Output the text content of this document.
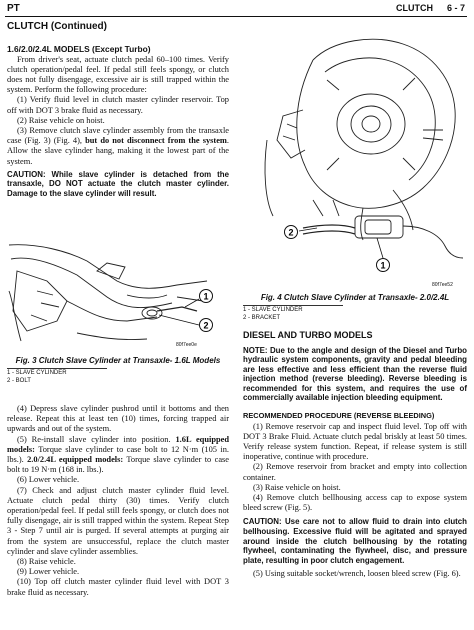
PT	CLUTCH 6 - 7
CLUTCH (Continued)

1.6/2.0/2.4L MODELS (Except Turbo)

From driver's seat, actuate clutch pedal 60–100 times. Verify clutch operation/pedal feel. If pedal still feels spongy, or clutch does not fully disengage, excessive air is still trapped within the system. Perform the following procedure:

(1) Verify fluid level in clutch master cylinder reservoir. Top off with DOT 3 brake fluid as necessary.

(2) Raise vehicle on hoist.

(3) Remove clutch slave cylinder assembly from the transaxle case (Fig. 3) (Fig. 4), but do not disconnect from the system. Allow the slave cylinder hang, making it the lowest part of the system.

CAUTION: While slave cylinder is detached from the transaxle, DO NOT actuate the clutch master cylinder. Damage to the slave cylinder will result.

1
2
80f7ee0e

Fig. 3 Clutch Slave Cylinder at Transaxle- 1.6L Models

1 - SLAVE CYLINDER

2 - BOLT

(4) Depress slave cylinder pushrod until it bottoms and then release. Repeat this at least ten (10) times, forcing trapped air upwards and out of the system.

(5) Re-install slave cylinder into position. 1.6L equipped models: Torque slave cylinder to case bolt to 12 N·m (105 in. lbs.). 2.0/2.4L equipped models: Torque slave cylinder to case bolt to 19 N·m (168 in. lbs.).

(6) Lower vehicle.

(7) Check and adjust clutch master cylinder fluid level. Actuate clutch pedal thirty (30) times. Verify clutch operation/pedal feel. If pedal still feels spongy, or clutch does not fully disengage, air is still trapped within the system. Repeat Step 3 - Step 7 until air is purged. If several attempts at purging air from the system are unsuccessful, replace the clutch master cylinder and slave cylinder assemblies.

(8) Raise vehicle.

(9) Lower vehicle.

(10) Top off clutch master cylinder fluid level with DOT 3 brake fluid as necessary.

2
1
80f7ee52

Fig. 4 Clutch Slave Cylinder at Transaxle- 2.0/2.4L

1 - SLAVE CYLINDER

2 - BRACKET

DIESEL AND TURBO MODELS

NOTE: Due to the angle and design of the Diesel and Turbo hydraulic system components, gravity and pedal bleeding are less effective and less efficient than the reverse fluid injection method (reverse bleeding). Reverse bleeding is recommended for this system, and requires the use of commercially available injection bleeding equipment.

RECOMMENDED PROCEDURE (REVERSE BLEEDING)

(1) Remove reservoir cap and inspect fluid level. Top off with DOT 3 Brake Fluid. Actuate clutch pedal briskly at least 50 times. Verify release system function. Repeat, if release system is still inoperative, continue with procedure.

(2) Remove reservoir from bracket and empty into collection container.

(3) Raise vehicle on hoist.

(4) Remove clutch bellhousing access cap to expose system bleed screw (Fig. 5).

CAUTION: Use care not to allow fluid to drain into clutch bellhousing. Excessive fluid will be agitated and sprayed around inside the clutch bellhousing by the rotating flywheel, contaminating the flywheel, disc, and pressure plate, resulting in poor clutch engagement.

(5) Using suitable socket/wrench, loosen bleed screw (Fig. 6).
